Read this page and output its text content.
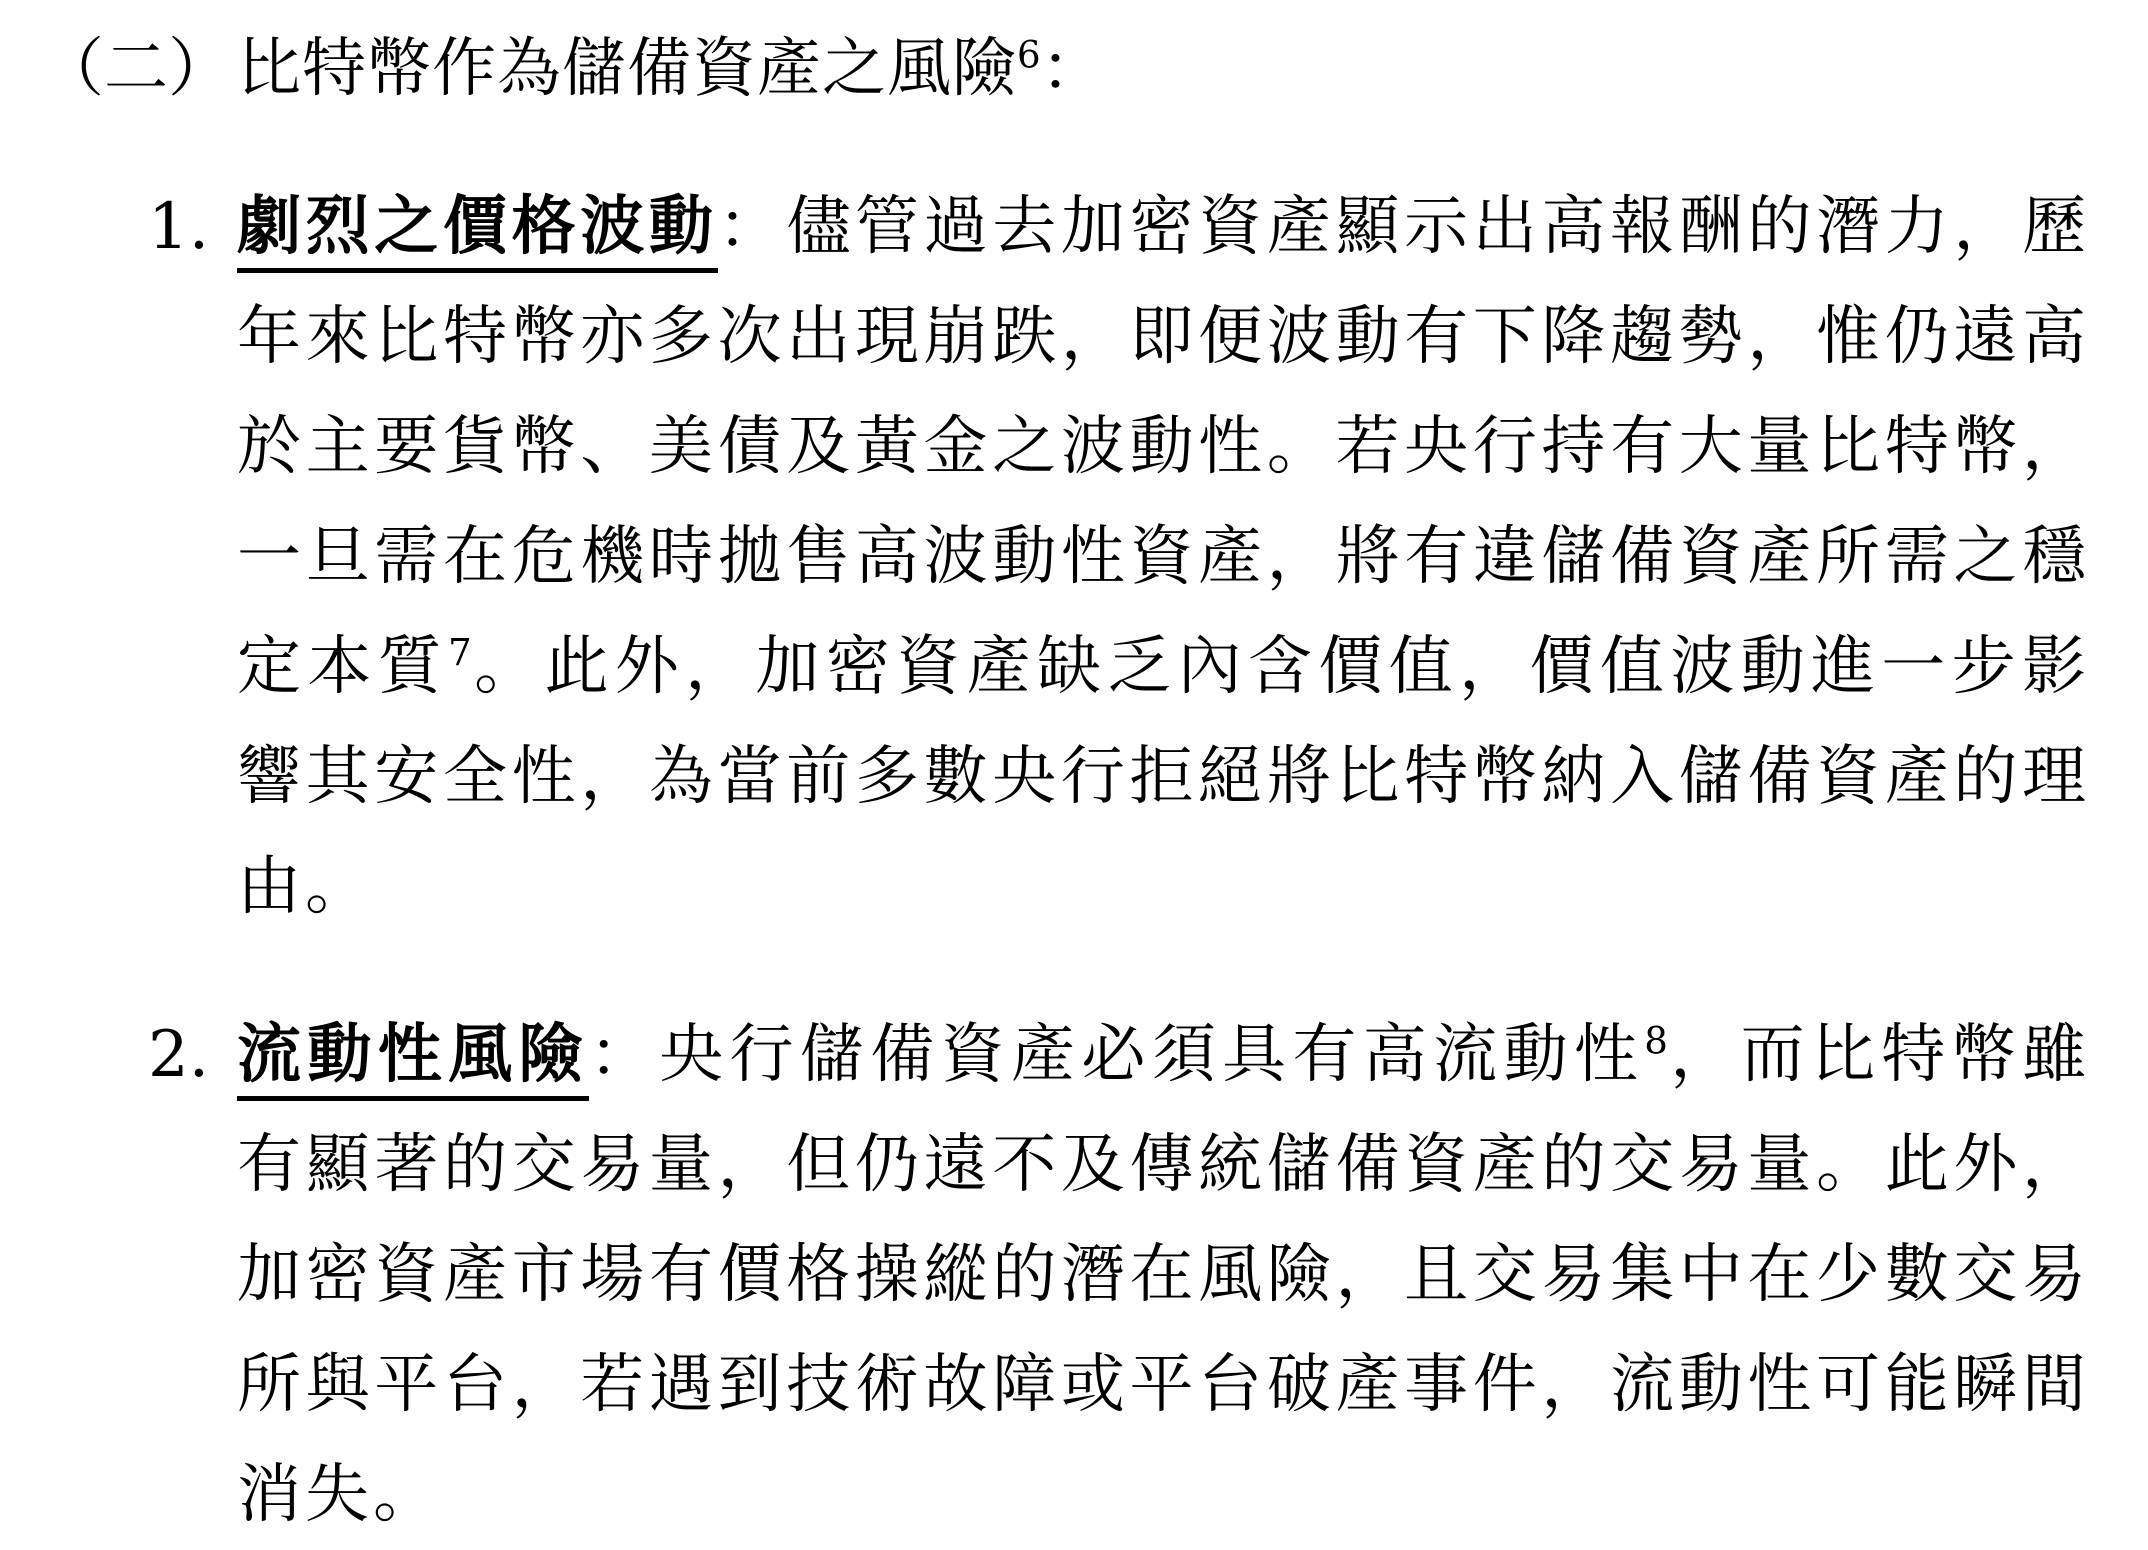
（二） 比特幣作為儲備資產之風險$^6$：
1. 劇烈之價格波動：儘管過去加密資產顯示出高報酬的潛力，歷年來比特幣亦多次出現崩跌，即便波動有下降趨勢，惟仍遠高於主要貨幣、美債及黃金之波動性。若央行持有大量比特幣，一旦需在危機時拋售高波動性資產，將有違儲備資產所需之穩定本質$^7$。此外，加密資產缺乏內含價值，價值波動進一步影響其安全性，為當前多數央行拒絕將比特幣納入儲備資產的理由。
2. 流動性風險：央行儲備資產必須具有高流動性$^8$，而比特幣雖有顯著的交易量，但仍遠不及傳統儲備資產的交易量。此外，加密資產市場有價格操縱的潛在風險，且交易集中在少數交易所與平台，若遇到技術故障或平台破產事件，流動性可能瞬間消失。
